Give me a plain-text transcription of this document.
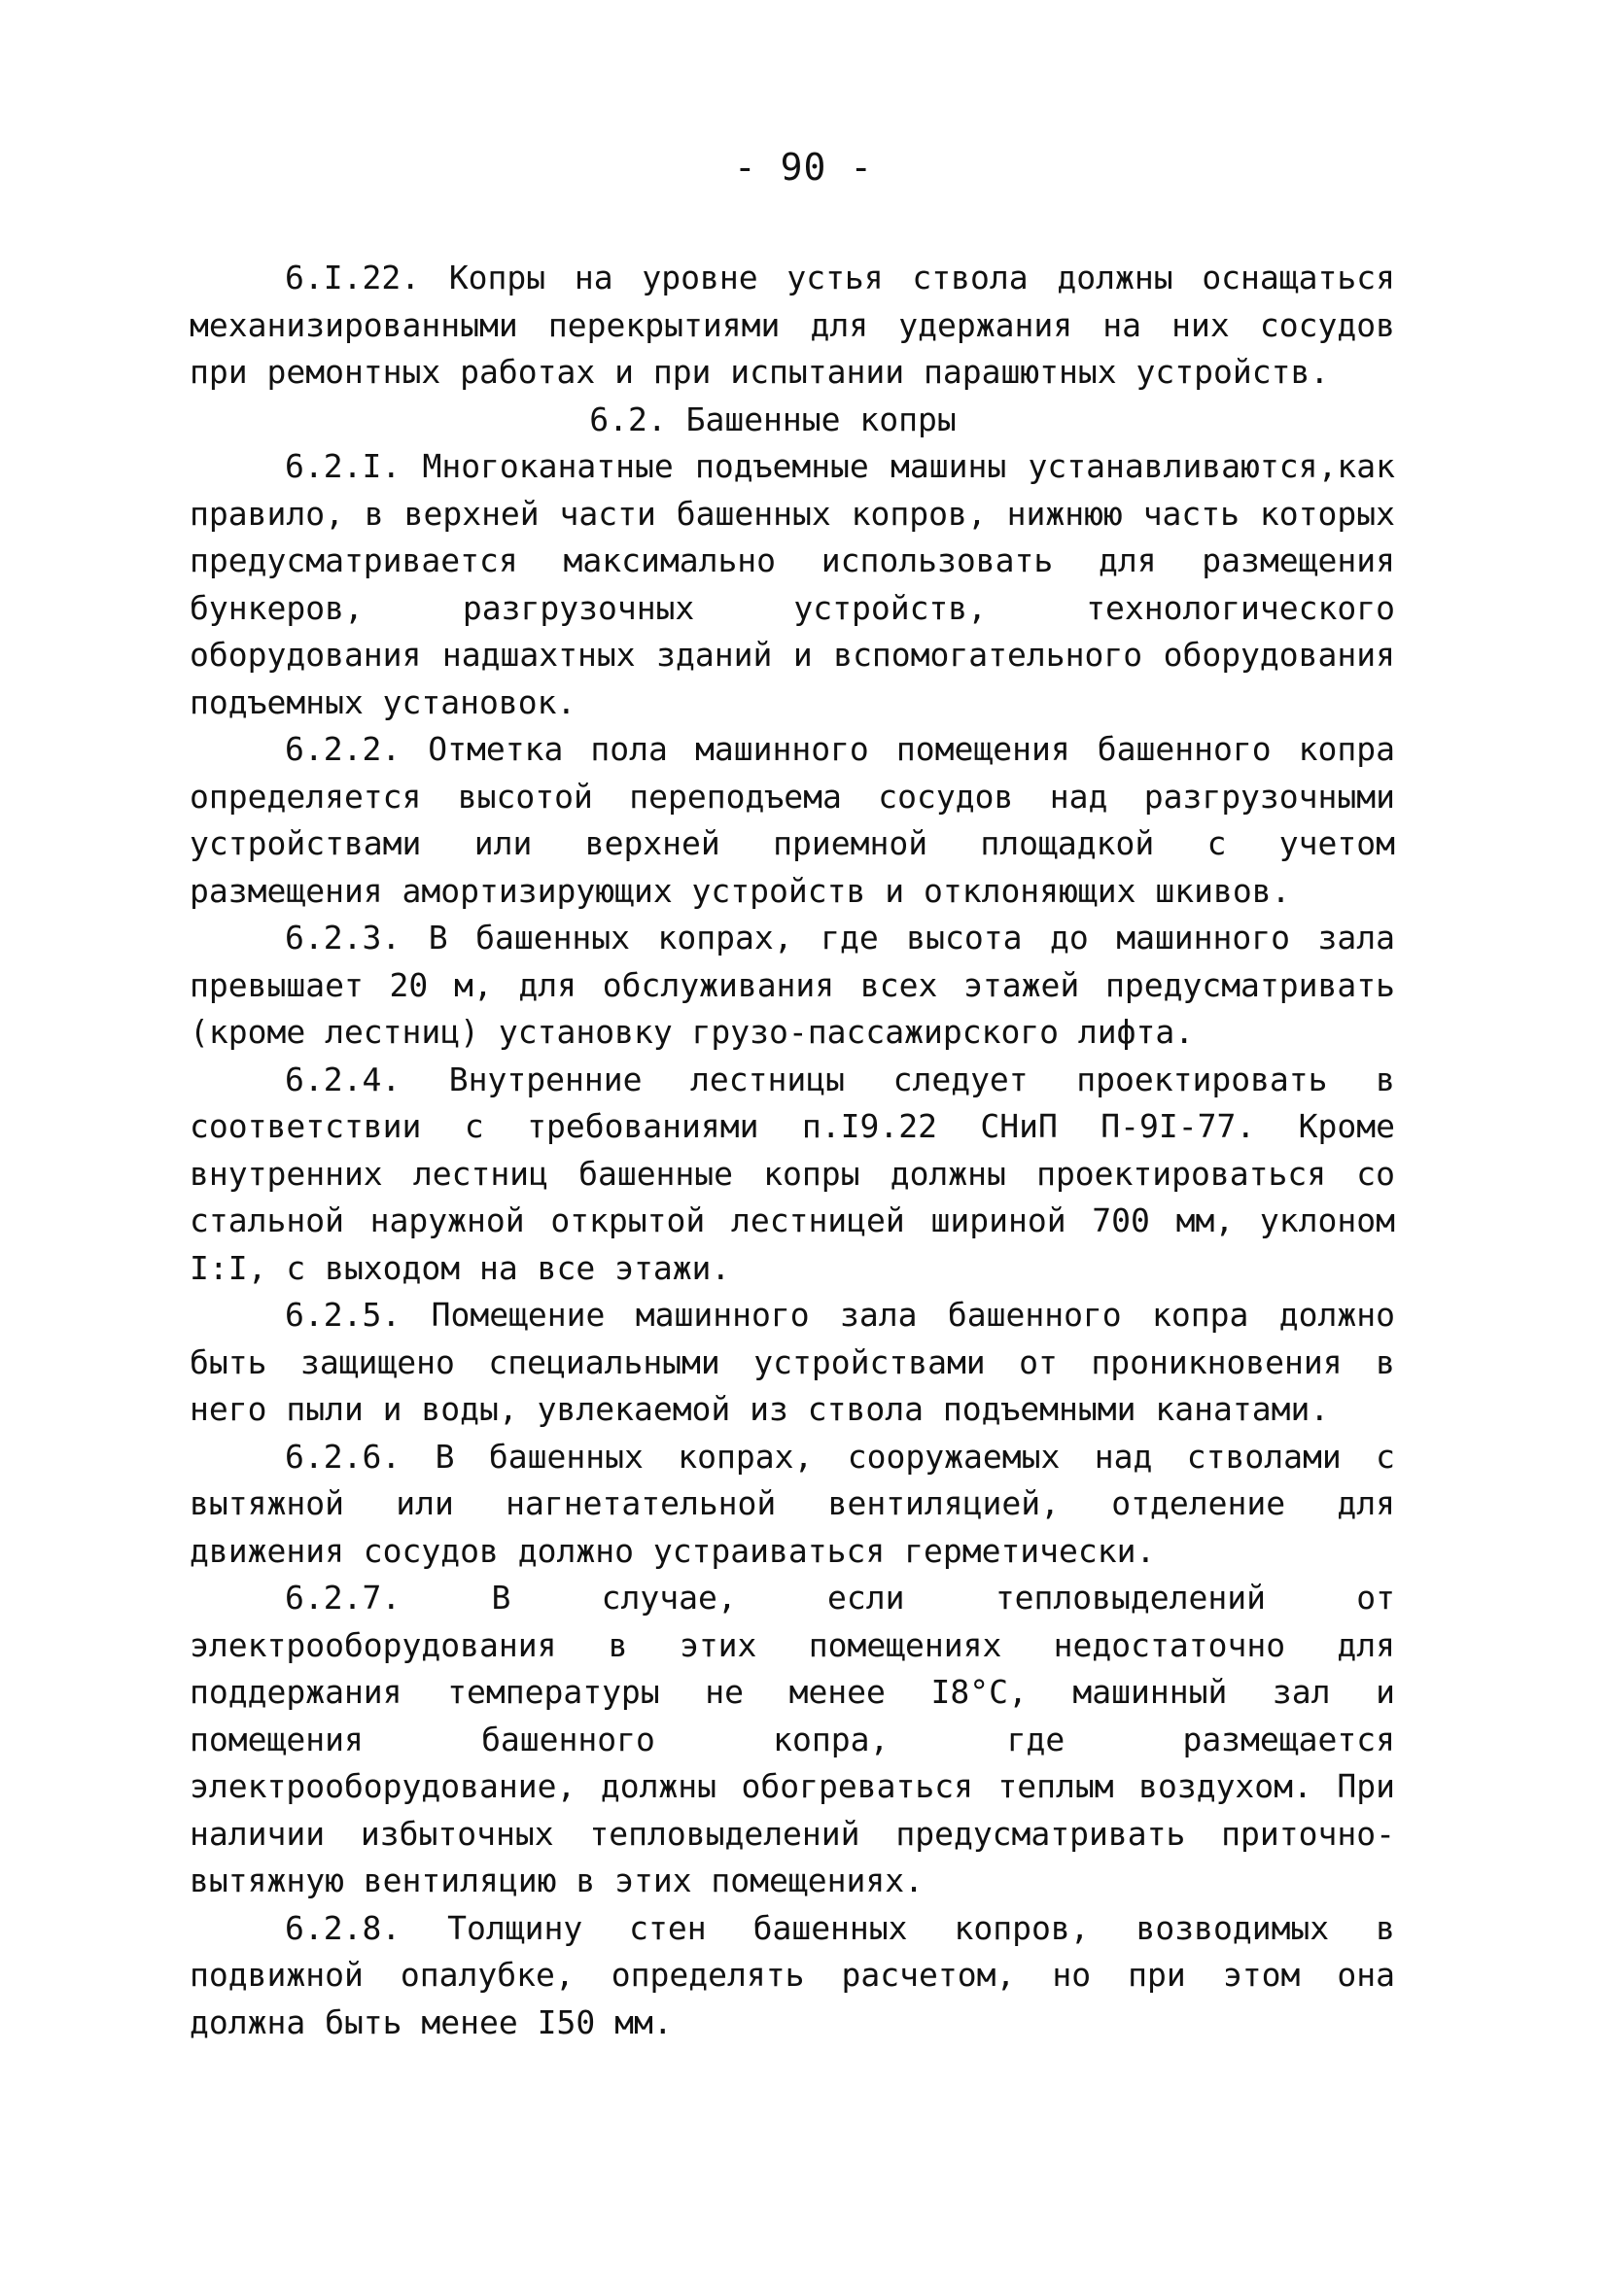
- 90 -

6.I.22. Копры на уровне устья ствола должны оснащаться механизированными перекрытиями для удержания на них сосудов при ремонтных работах и при испытании парашютных устройств.

6.2. Башенные копры

6.2.I. Многоканатные подъемные машины устанавливаются,как правило, в верхней части башенных копров, нижнюю часть которых предусматривается максимально использовать для размещения бункеров, разгрузочных устройств, технологического оборудования надшахтных зданий и вспомогательного оборудования подъемных установок.

6.2.2. Отметка пола машинного помещения башенного копра определяется высотой переподъема сосудов над разгрузочными устройствами или верхней приемной площадкой с учетом размещения амортизирующих устройств и отклоняющих шкивов.

6.2.3. В башенных копрах, где высота до машинного зала превышает 20 м, для обслуживания всех этажей предусматривать (кроме лестниц) установку грузо-пассажирского лифта.

6.2.4. Внутренние лестницы следует проектировать в соответствии с требованиями п.I9.22 СНиП П-9I-77. Кроме внутренних лестниц башенные копры должны проектироваться со стальной наружной открытой лестницей шириной 700 мм, уклоном I:I, с выходом на все этажи.

6.2.5. Помещение машинного зала башенного копра должно быть защищено специальными устройствами от проникновения в него пыли и воды, увлекаемой из ствола подъемными канатами.

6.2.6. В башенных копрах, сооружаемых над стволами с вытяжной или нагнетательной вентиляцией, отделение для движения сосудов должно устраиваться герметически.

6.2.7. В случае, если тепловыделений от электрооборудования в этих помещениях недостаточно для поддержания температуры не менее I8°С, машинный зал и помещения башенного копра, где размещается электрооборудование, должны обогреваться теплым воздухом. При наличии избыточных тепловыделений предусматривать приточно-вытяжную вентиляцию в этих помещениях.

6.2.8. Толщину стен башенных копров, возводимых в подвижной опалубке, определять расчетом, но при этом она должна быть менее I50 мм.
